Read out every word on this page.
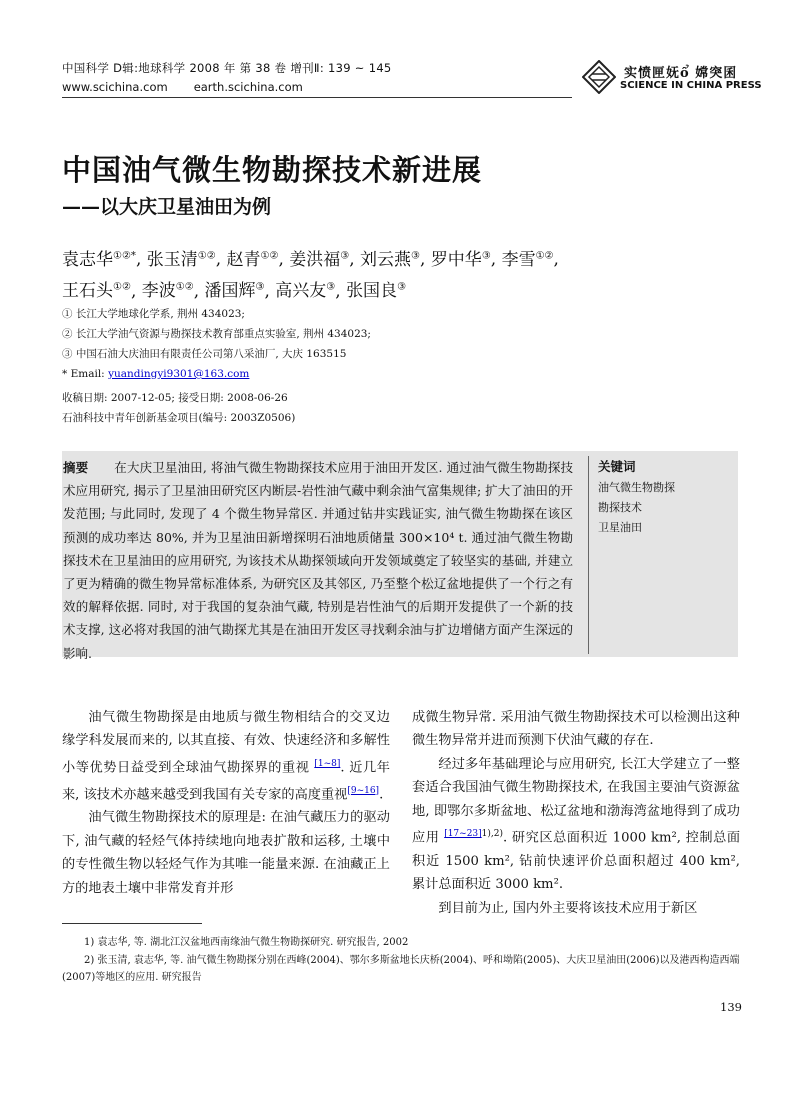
中国科学 D辑:地球科学 2008 年 第 38 卷 增刊Ⅱ: 139 ~ 145
www.scichina.com earth.scichina.com
实愤匣妩ổ 嫦突囷
SCIENCE IN CHINA PRESS
中国油气微生物勘探技术新进展
——以大庆卫星油田为例
袁志华①②*, 张玉清①②, 赵青①②, 姜洪福③, 刘云燕③, 罗中华③, 李雪①②,
王石头①②, 李波①②, 潘国辉③, 高兴友③, 张国良③
① 长江大学地球化学系, 荆州 434023;
② 长江大学油气资源与勘探技术教育部重点实验室, 荆州 434023;
③ 中国石油大庆油田有限责任公司第八采油厂, 大庆 163515
* Email: yuandingyi9301@163.com
收稿日期: 2007-12-05; 接受日期: 2008-06-26
石油科技中青年创新基金项目(编号: 2003Z0506)
摘要 在大庆卫星油田, 将油气微生物勘探技术应用于油田开发区. 通过油气微生物勘探技术应用研究, 揭示了卫星油田研究区内断层-岩性油气藏中剩余油气富集规律; 扩大了油田的开发范围; 与此同时, 发现了 4 个微生物异常区. 并通过钻井实践证实, 油气微生物勘探在该区预测的成功率达 80%, 并为卫星油田新增探明石油地质储量 300×10⁴ t. 通过油气微生物勘探技术在卫星油田的应用研究, 为该技术从勘探领域向开发领域奠定了较坚实的基础, 并建立了更为精确的微生物异常标准体系, 为研究区及其邻区, 乃至整个松辽盆地提供了一个行之有效的解释依据. 同时, 对于我国的复杂油气藏, 特别是岩性油气的后期开发提供了一个新的技术支撑, 这必将对我国的油气勘探尤其是在油田开发区寻找剩余油与扩边增储方面产生深远的影响.
关键词
油气微生物勘探
勘探技术
卫星油田

油气微生物勘探是由地质与微生物相结合的交叉边缘学科发展而来的, 以其直接、有效、快速经济和多解性小等优势日益受到全球油气勘探界的重视 [1~8]. 近几年来, 该技术亦越来越受到我国有关专家的高度重视[9~16].

油气微生物勘探技术的原理是: 在油气藏压力的驱动下, 油气藏的轻烃气体持续地向地表扩散和运移, 土壤中的专性微生物以轻烃气作为其唯一能量来源. 在油藏正上方的地表土壤中非常发育并形

成微生物异常. 采用油气微生物勘探技术可以检测出这种微生物异常并进而预测下伏油气藏的存在.

经过多年基础理论与应用研究, 长江大学建立了一整套适合我国油气微生物勘探技术, 在我国主要油气资源盆地, 即鄂尔多斯盆地、松辽盆地和渤海湾盆地得到了成功应用 $^{[17\sim 23]1),2)}$. 研究区总面积近 1000 km², 控制总面积近 1500 km², 钻前快速评价总面积超过 400 km², 累计总面积近 3000 km².

到目前为止, 国内外主要将该技术应用于新区

1) 袁志华, 等. 湖北江汉盆地西南缘油气微生物勘探研究. 研究报告, 2002
2) 张玉清, 袁志华, 等. 油气微生物勘探分别在西峰(2004)、鄂尔多斯盆地长庆桥(2004)、呼和坳陷(2005)、大庆卫星油田(2006)以及港西构造西端(2007)等地区的应用. 研究报告
139
